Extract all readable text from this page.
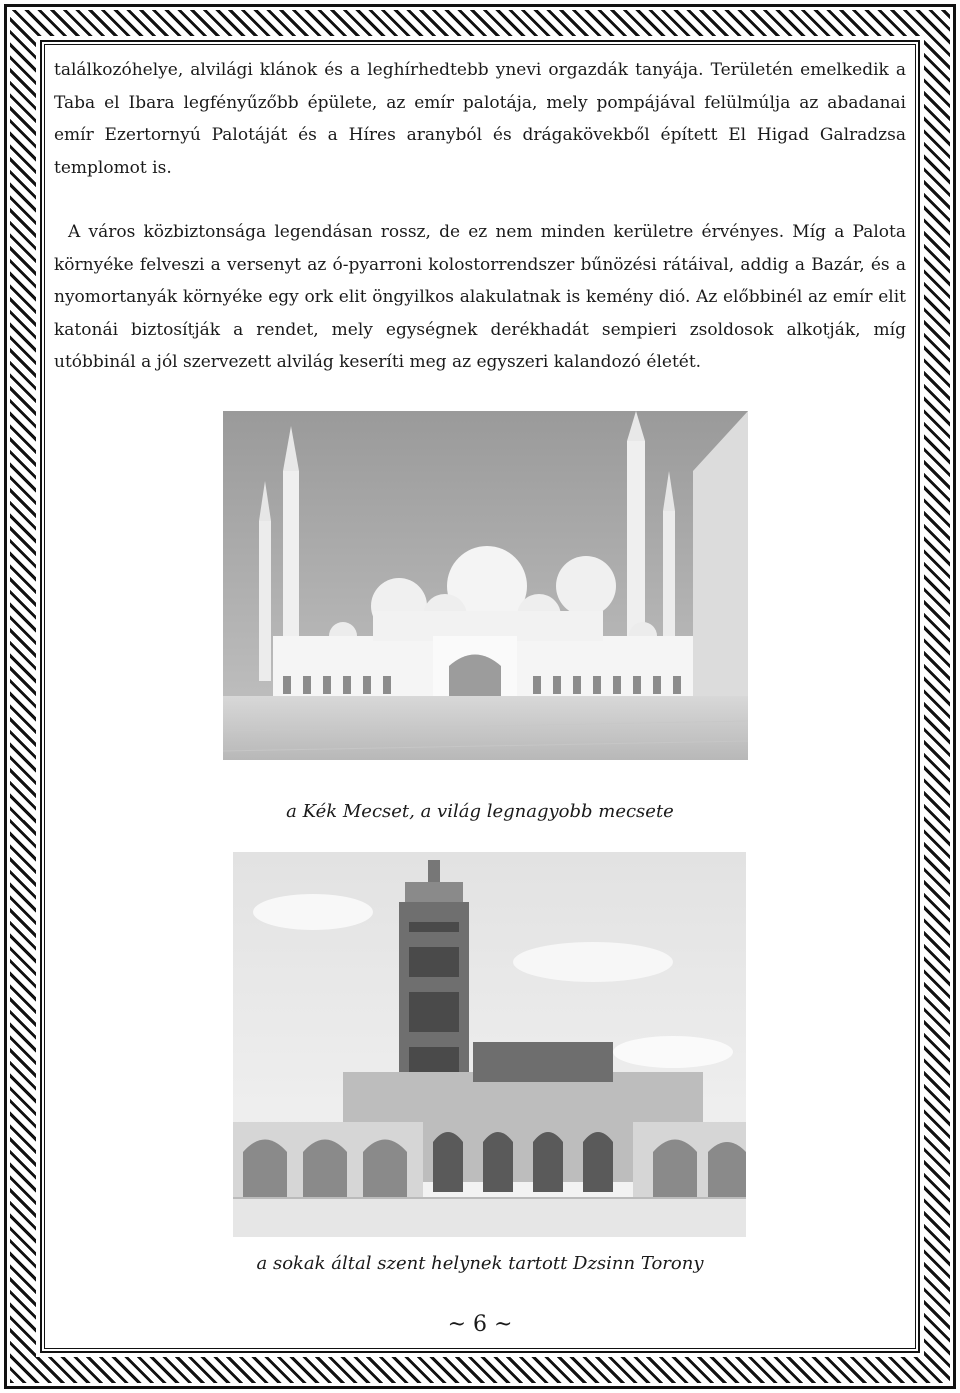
találkozóhelye, alvilági klánok és a leghírhedtebb ynevi orgazdák tanyája. Területén emelkedik a Taba el Ibara legfényűzőbb épülete, az emír palotája, mely pompájával felülmúlja az abadanai emír Ezertornyú Palotáját és a Híres aranyból és drágakövekből épített El Higad Galradzsa templomot is.

A város közbiztonsága legendásan rossz, de ez nem minden kerületre érvényes. Míg a Palota környéke felveszi a versenyt az ó-pyarroni kolostorrendszer bűnözési rátáival, addig a Bazár, és a nyomortanyák környéke egy ork elit öngyilkos alakulatnak is kemény dió. Az előbbinél az emír elit katonái biztosítják a rendet, mely egységnek derékhadát sempieri zsoldosok alkotják, míg utóbbinál a jól szervezett alvilág keseríti meg az egyszeri kalandozó életét.

a Kék Mecset, a világ legnagyobb mecsete
a sokak által szent helynek tartott Dzsinn Torony
~ 6 ~
